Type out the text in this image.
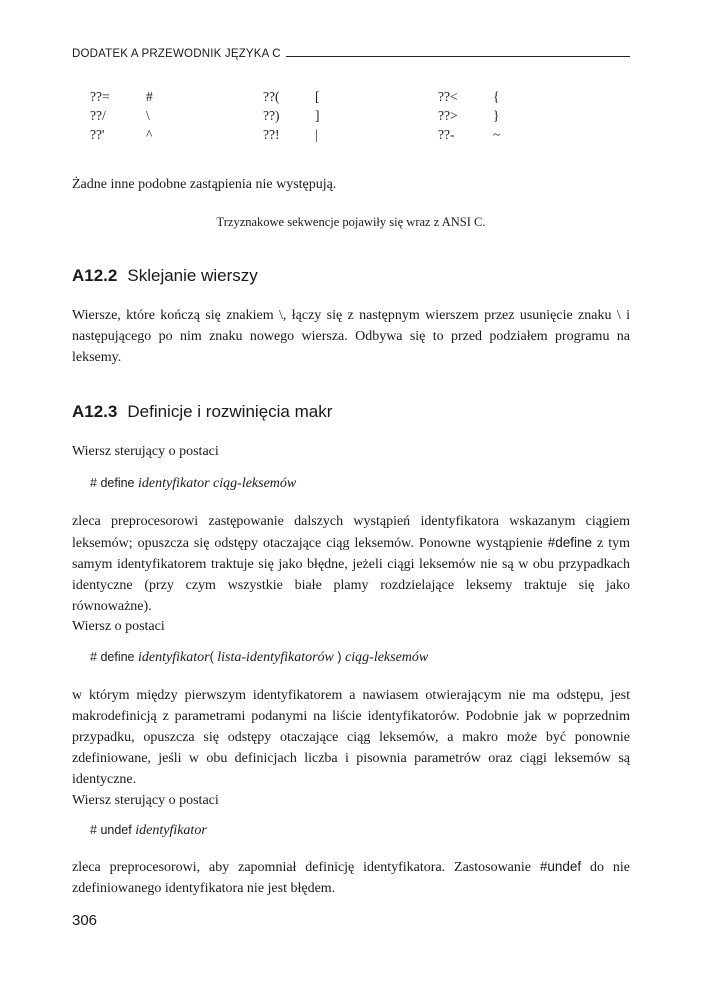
DODATEK A PRZEWODNIK JĘZYKA C
??=	#	??(	[	??<	{
??/	\	??)	]	??>	}
??'	^	??!	|	??-	~
Żadne inne podobne zastąpienia nie występują.
Trzyznakowe sekwencje pojawiły się wraz z ANSI C.
A12.2 Sklejanie wierszy
Wiersze, które kończą się znakiem \, łączy się z następnym wierszem przez usunięcie znaku \ i następującego po nim znaku nowego wiersza. Odbywa się to przed podziałem programu na leksemy.
A12.3 Definicje i rozwinięcia makr
Wiersz sterujący o postaci
# define identyfikator ciąg-leksemów
zleca preprocesorowi zastępowanie dalszych wystąpień identyfikatora wskazanym ciągiem leksemów; opuszcza się odstępy otaczające ciąg leksemów. Ponowne wystąpienie #define z tym samym identyfikatorem traktuje się jako błędne, jeżeli ciągi leksemów nie są w obu przypadkach identyczne (przy czym wszystkie białe plamy rozdzielające leksemy traktuje się jako równoważne).
Wiersz o postaci
# define identyfikator( lista-identyfikatorów ) ciąg-leksemów
w którym między pierwszym identyfikatorem a nawiasem otwierającym nie ma odstępu, jest makrodefinicją z parametrami podanymi na liście identyfikatorów. Podobnie jak w poprzednim przypadku, opuszcza się odstępy otaczające ciąg leksemów, a makro może być ponownie zdefiniowane, jeśli w obu definicjach liczba i pisownia parametrów oraz ciągi leksemów są identyczne.
Wiersz sterujący o postaci
# undef identyfikator
zleca preprocesorowi, aby zapomniał definicję identyfikatora. Zastosowanie #undef do nie zdefiniowanego identyfikatora nie jest błędem.
306
